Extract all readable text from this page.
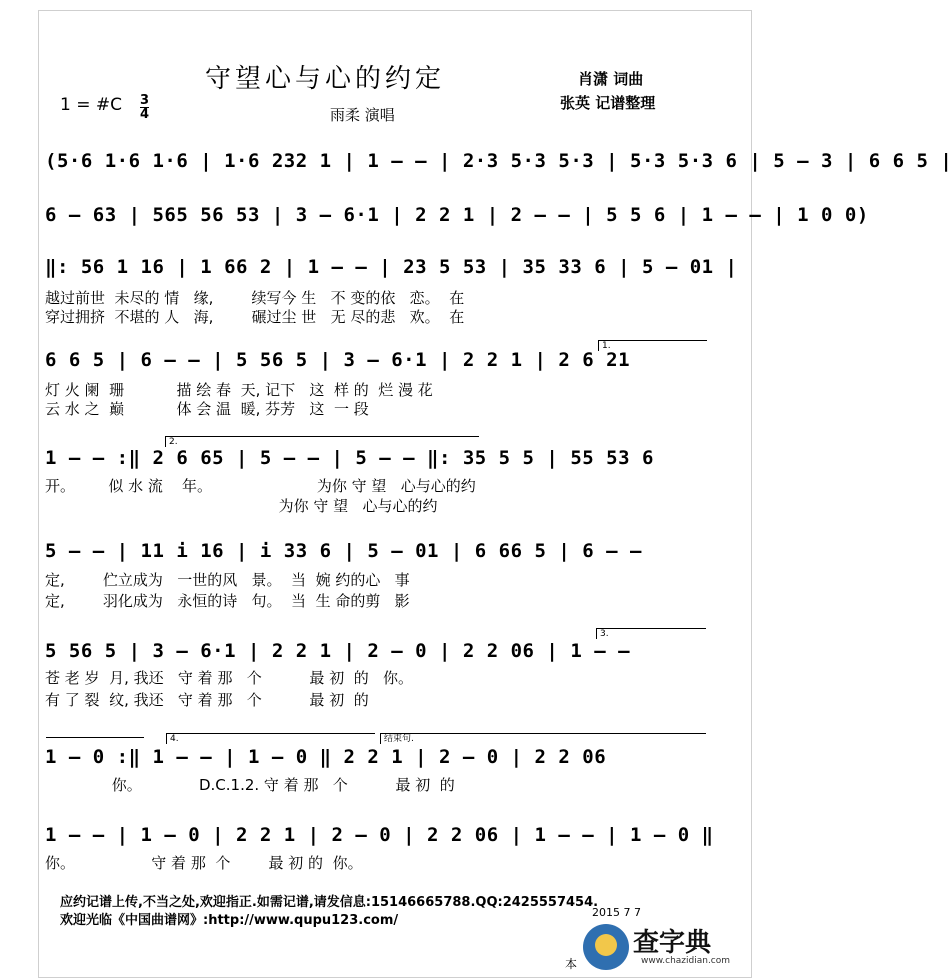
守望心与心的约定	肖潇 词曲
张英 记谱整理
1 = #C 3
4	雨柔 演唱
(5·6 1·6 1·6 | 1·6 232 1 | 1 — — | 2·3 5·3 5·3 | 5·3 5·3 6 | 5 — 3 | 6 6 5 |
6 — 63 | 565 56 53 | 3 — 6·1 | 2 2 1 | 2 — — | 5 5 6 | 1 — — | 1 0 0)
‖: 56 1 16 | 1 66 2 | 1 — — | 23 5 53 | 35 33 6 | 5 — 01 |
越过前世  未尽的 情   缘,        续写今 生   不 变的依   恋。  在
穿过拥挤  不堪的 人   海,        碾过尘 世   无 尽的悲   欢。  在
1.
6 6 5 | 6 — — | 5 56 5 | 3 — 6·1 | 2 2 1 | 2 6 21
灯 火 阑  珊           描 绘 春  天, 记下   这  样 的  烂 漫 花
云 水 之  巅           体 会 温  暖, 芬芳   这  一 段
2.
1 — — :‖ 2 6 65 | 5 — — | 5 — — ‖: 35 5 5 | 55 53 6
开。       似 水 流    年。                      为你 守 望   心与心的约
为你 守 望   心与心的约
5 — — | 11 i 16 | i 33 6 | 5 — 01 | 6 66 5 | 6 — —
定,        伫立成为   一世的风   景。  当  婉 约的心   事
定,        羽化成为   永恒的诗   句。  当  生 命的剪   影
3.
5 56 5 | 3 — 6·1 | 2 2 1 | 2 — 0 | 2 2 06 | 1 — —
苍 老 岁  月, 我还   守 着 那   个          最 初  的   你。
有 了 裂  纹, 我还   守 着 那   个          最 初  的
4.	结束句.
1 — 0 :‖ 1 — — | 1 — 0 ‖ 2 2 1 | 2 — 0 | 2 2 06
你。            D.C.1.2. 守 着 那   个          最 初  的
1 — — | 1 — 0 | 2 2 1 | 2 — 0 | 2 2 06 | 1 — — | 1 — 0 ‖
你。                守 着 那  个        最 初 的  你。
应约记谱上传,不当之处,欢迎指正.如需记谱,请发信息:15146665788.QQ:2425557454.
欢迎光临《中国曲谱网》:http://www.qupu123.com/
2015 7 7
本
查字典
www.chazidian.com
